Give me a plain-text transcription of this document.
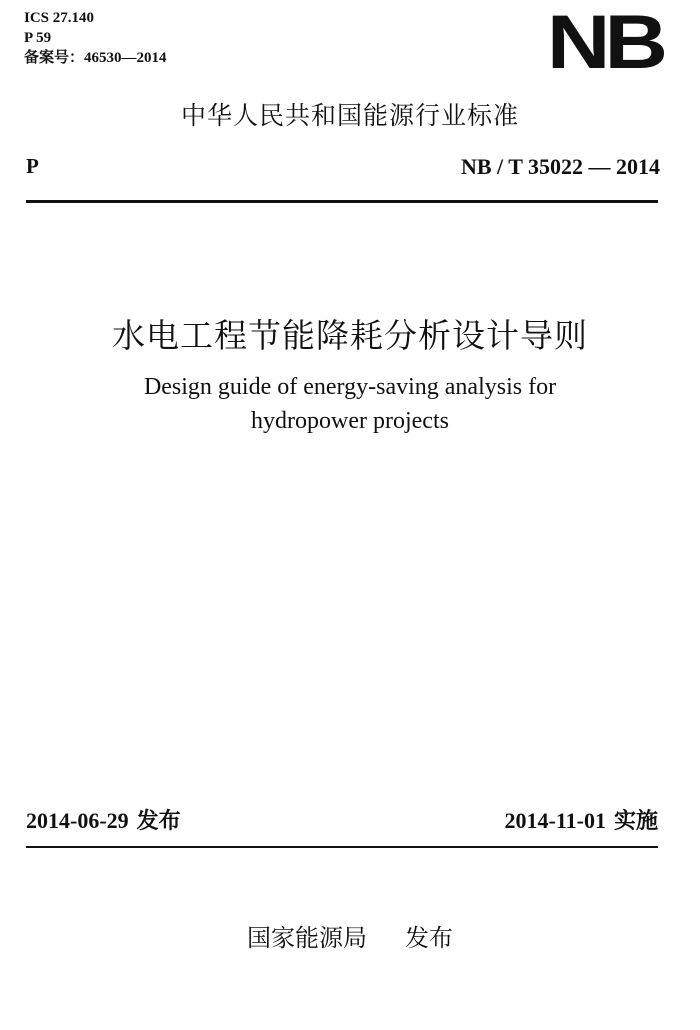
ICS 27.140
P 59
备案号：46530—2014	NB
中华人民共和国能源行业标准
P	NB / T 35022 — 2014
水电工程节能降耗分析设计导则
Design guide of energy-saving analysis for
hydropower projects
2014-06-29 发布	2014-11-01 实施
国家能源局 发布
